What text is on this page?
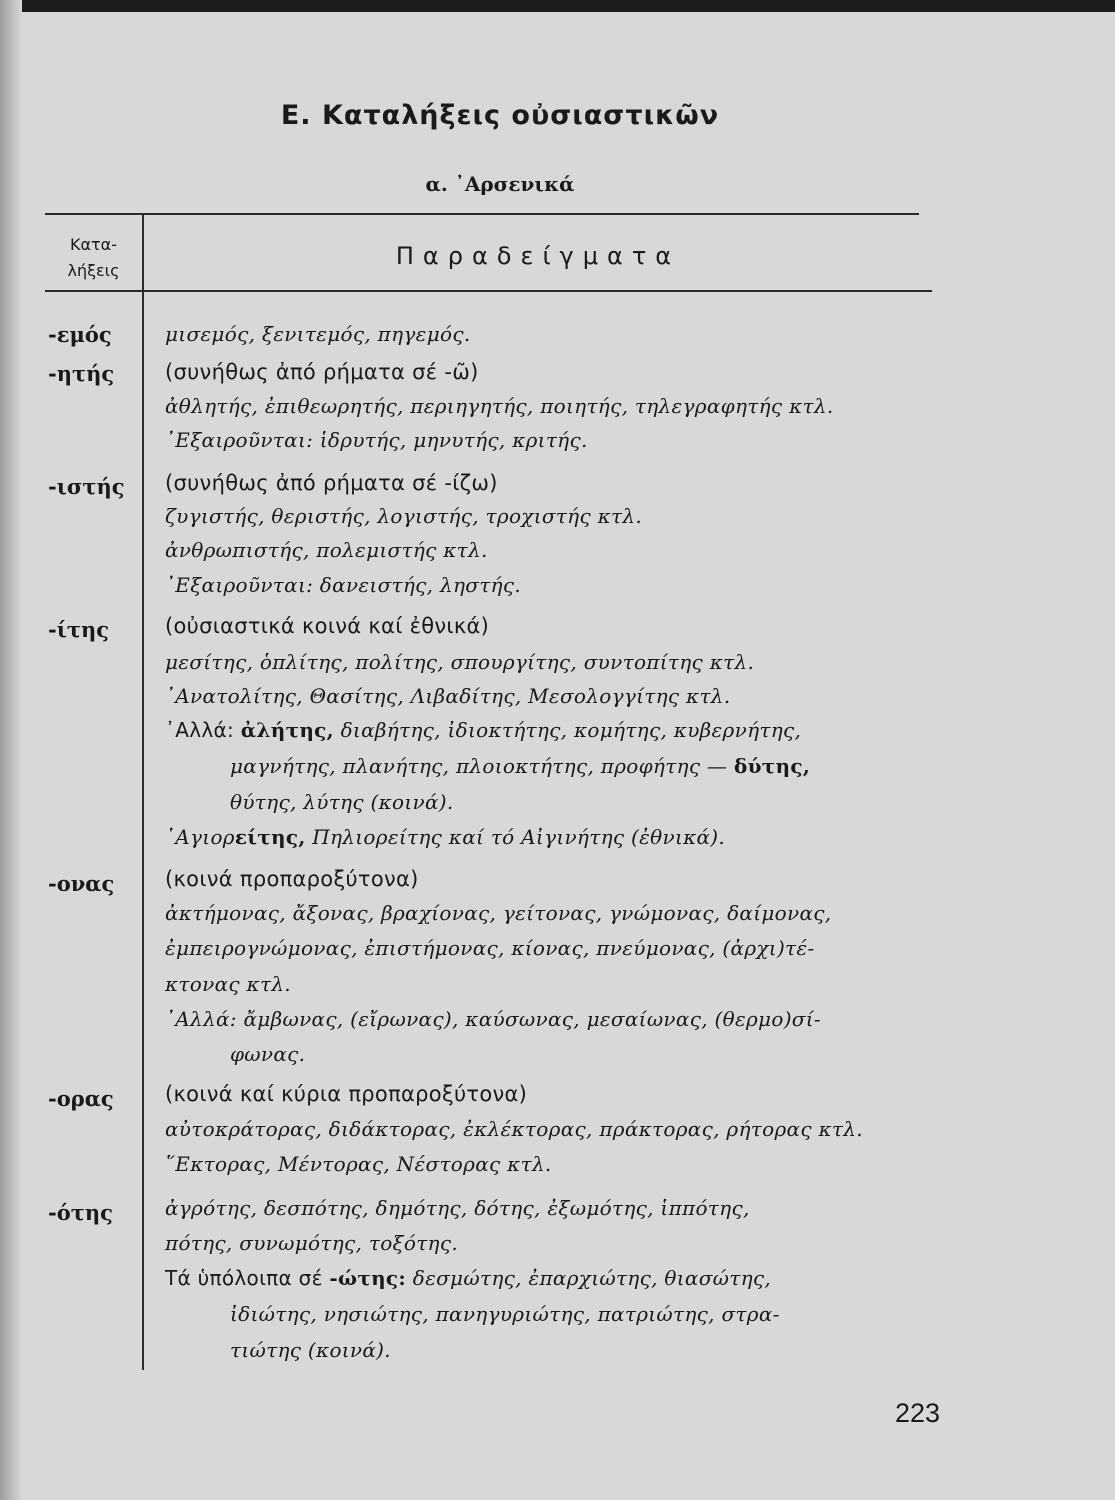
Ε. Καταλήξεις οὐσιαστικῶν
α. ᾿Αρσενικά
Κατα-
λήξεις
Παραδείγματα
-εμός	μισεμός, ξενιτεμός, πηγεμός.
-ητής (συνήθως ἀπό ρήματα σέ -ῶ)
ἀθλητής, ἐπιθεωρητής, περιηγητής, ποιητής, τηλεγραφητής κτλ.
᾿Εξαιροῦνται: ἱδρυτής, μηνυτής, κριτής.
-ιστής (συνήθως ἀπό ρήματα σέ -ίζω)
ζυγιστής, θεριστής, λογιστής, τροχιστής κτλ.
ἀνθρωπιστής, πολεμιστής κτλ.
᾿Εξαιροῦνται: δανειστής, ληστής.
-ίτης	(οὐσιαστικά κοινά καί ἐθνικά)
μεσίτης, ὁπλίτης, πολίτης, σπουργίτης, συντοπίτης κτλ.
᾿Ανατολίτης, Θασίτης, Λιβαδίτης, Μεσολογγίτης κτλ.
᾿Αλλά: ἀλήτης, διαβήτης, ἰδιοκτήτης, κομήτης, κυβερνήτης,
μαγνήτης, πλανήτης, πλοιοκτήτης, προφήτης — δύτης,
θύτης, λύτης (κοινά).
῾Αγιορείτης, Πηλιορείτης καί τό Αἰγινήτης (ἐθνικά).
-ονας (κοινά προπαροξύτονα)
ἀκτήμονας, ἄξονας, βραχίονας, γείτονας, γνώμονας, δαίμονας,
ἐμπειρογνώμονας, ἐπιστήμονας, κίονας, πνεύμονας, (ἀρχι)τέ-
κτονας κτλ.
᾿Αλλά: ἄμβωνας, (εἴρωνας), καύσωνας, μεσαίωνας, (θερμο)σί-
φωνας.
-ορας (κοινά καί κύρια προπαροξύτονα)
αὐτοκράτορας, διδάκτορας, ἐκλέκτορας, πράκτορας, ρήτορας κτλ.
῞Εκτορας, Μέντορας, Νέστορας κτλ.
-ότης	ἀγρότης, δεσπότης, δημότης, δότης, ἐξωμότης, ἱππότης,
πότης, συνωμότης, τοξότης.
Τά ὑπόλοιπα σέ -ώτης: δεσμώτης, ἐπαρχιώτης, θιασώτης,
ἰδιώτης, νησιώτης, πανηγυριώτης, πατριώτης, στρα-
τιώτης (κοινά).
223
